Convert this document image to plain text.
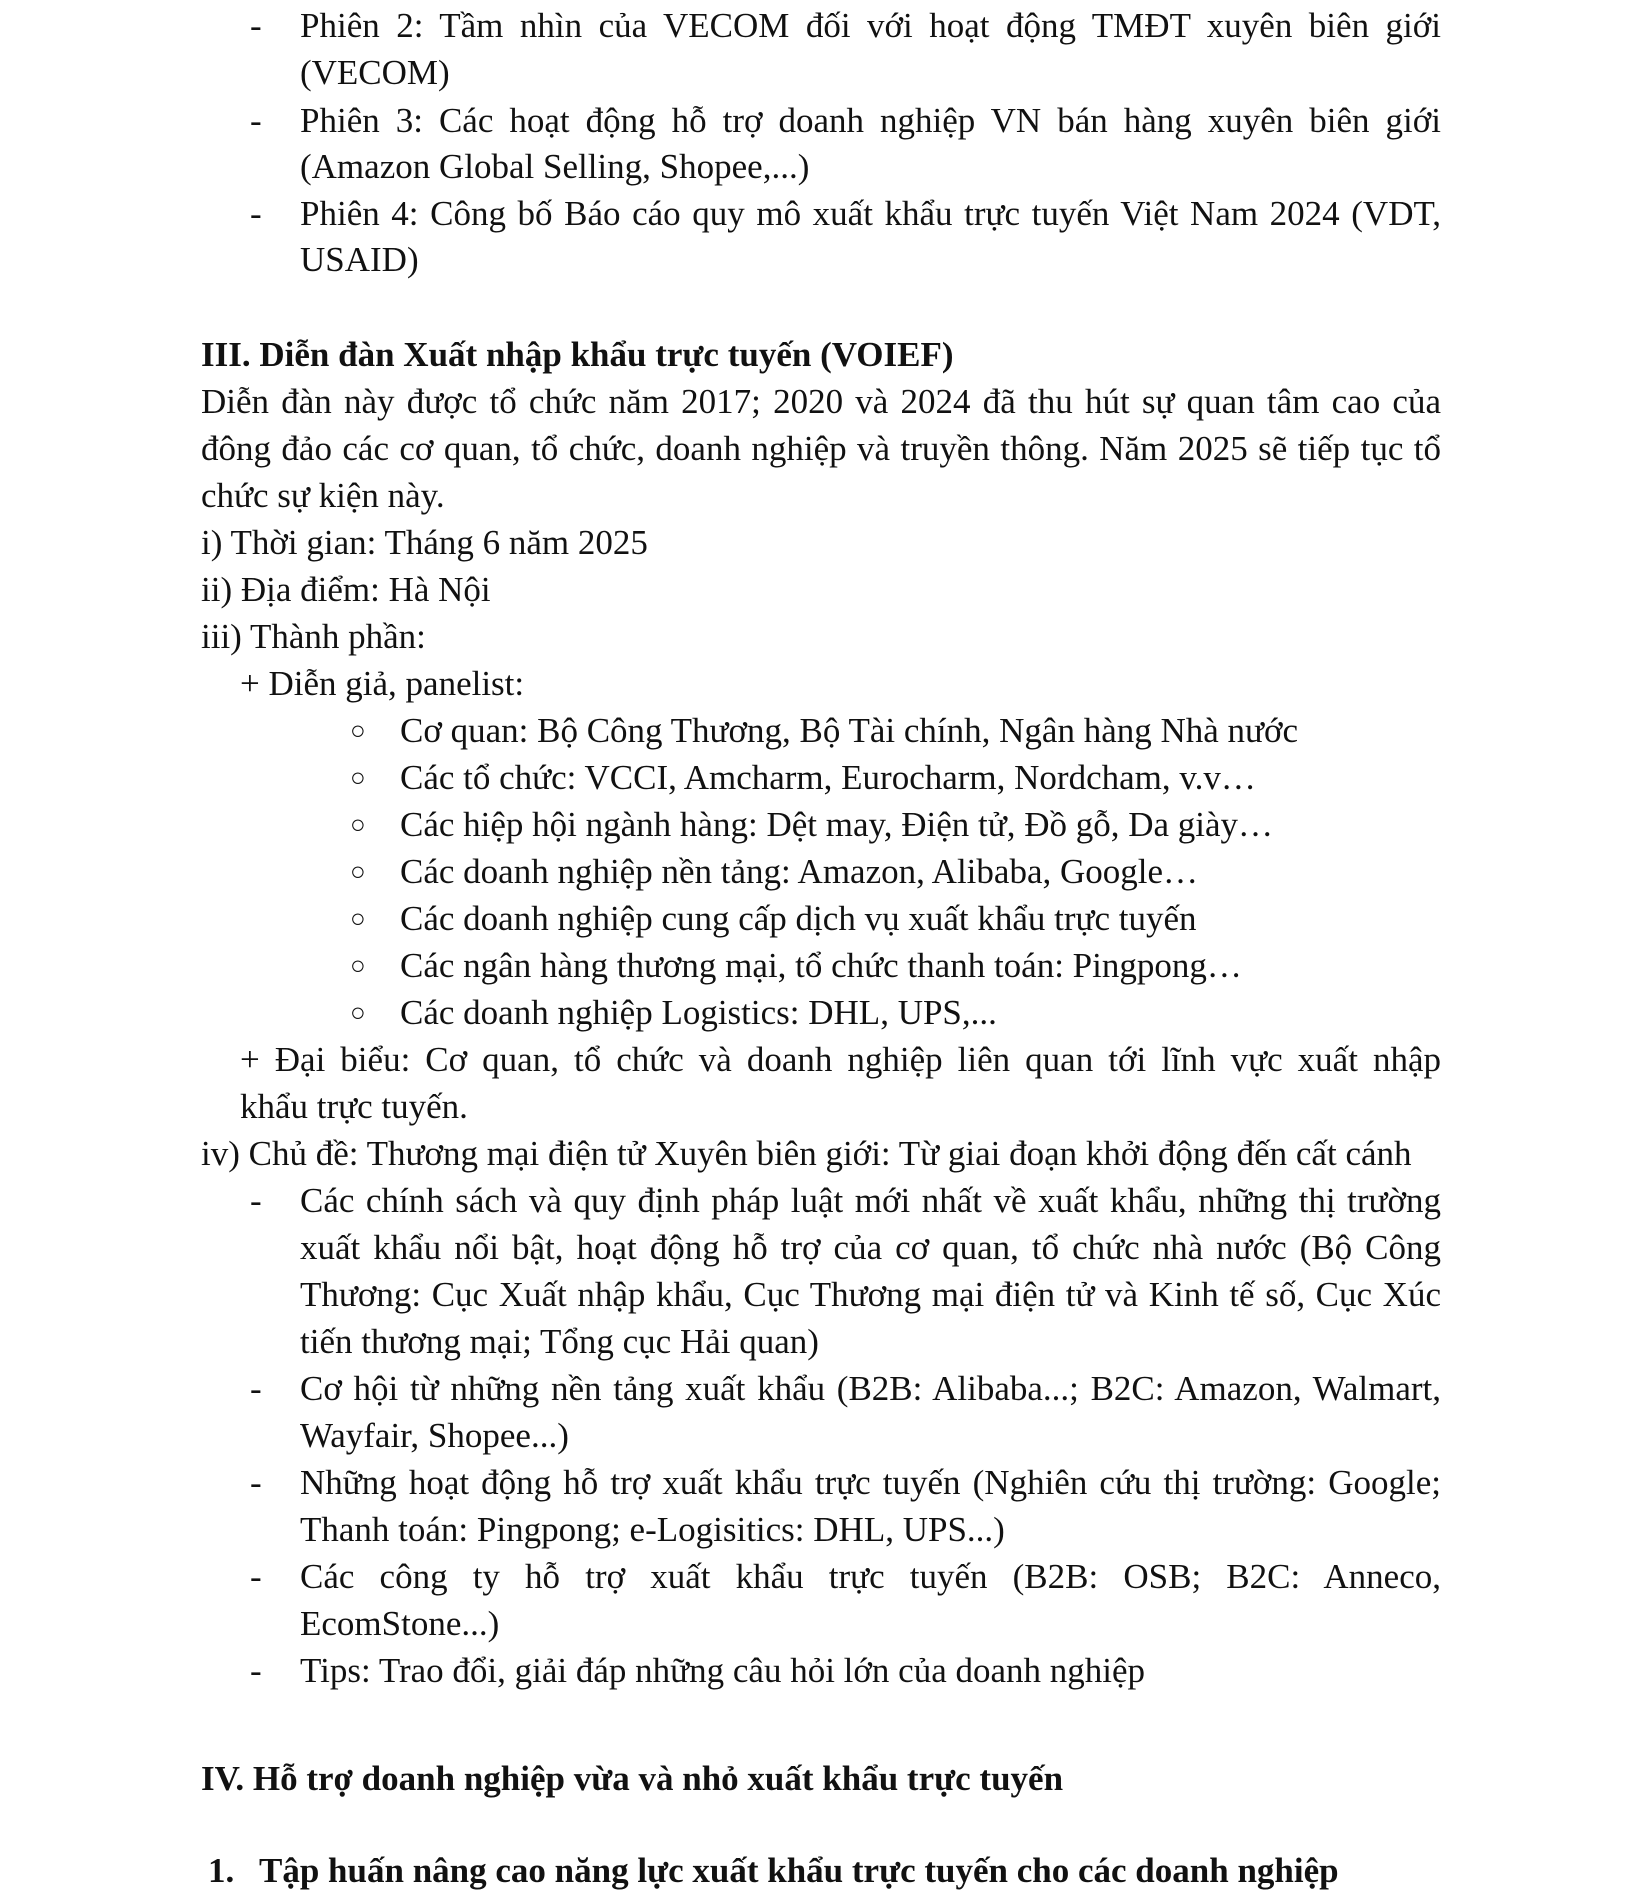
- Phiên 2: Tầm nhìn của VECOM đối với hoạt động TMĐT xuyên biên giới
(VECOM)
- Phiên 3: Các hoạt động hỗ trợ doanh nghiệp VN bán hàng xuyên biên giới
(Amazon Global Selling, Shopee,...)
- Phiên 4: Công bố Báo cáo quy mô xuất khẩu trực tuyến Việt Nam 2024 (VDT,
USAID)
III. Diễn đàn Xuất nhập khẩu trực tuyến (VOIEF)
Diễn đàn này được tổ chức năm 2017; 2020 và 2024 đã thu hút sự quan tâm cao của
đông đảo các cơ quan, tổ chức, doanh nghiệp và truyền thông. Năm 2025 sẽ tiếp tục tổ
chức sự kiện này.
i) Thời gian: Tháng 6 năm 2025
ii) Địa điểm: Hà Nội
iii) Thành phần:
+ Diễn giả, panelist:
○ Cơ quan: Bộ Công Thương, Bộ Tài chính, Ngân hàng Nhà nước
○ Các tổ chức: VCCI, Amcharm, Eurocharm, Nordcham, v.v…
○ Các hiệp hội ngành hàng: Dệt may, Điện tử, Đồ gỗ, Da giày…
○ Các doanh nghiệp nền tảng: Amazon, Alibaba, Google…
○ Các doanh nghiệp cung cấp dịch vụ xuất khẩu trực tuyến
○ Các ngân hàng thương mại, tổ chức thanh toán: Pingpong…
○ Các doanh nghiệp Logistics: DHL, UPS,...
+ Đại biểu: Cơ quan, tổ chức và doanh nghiệp liên quan tới lĩnh vực xuất nhập
khẩu trực tuyến.
iv) Chủ đề: Thương mại điện tử Xuyên biên giới: Từ giai đoạn khởi động đến cất cánh
- Các chính sách và quy định pháp luật mới nhất về xuất khẩu, những thị trường
xuất khẩu nổi bật, hoạt động hỗ trợ của cơ quan, tổ chức nhà nước (Bộ Công
Thương: Cục Xuất nhập khẩu, Cục Thương mại điện tử và Kinh tế số, Cục Xúc
tiến thương mại; Tổng cục Hải quan)
- Cơ hội từ những nền tảng xuất khẩu (B2B: Alibaba...; B2C: Amazon, Walmart,
Wayfair, Shopee...)
- Những hoạt động hỗ trợ xuất khẩu trực tuyến (Nghiên cứu thị trường: Google;
Thanh toán: Pingpong; e-Logisitics: DHL, UPS...)
- Các công ty hỗ trợ xuất khẩu trực tuyến (B2B: OSB; B2C: Anneco,
EcomStone...)
- Tips: Trao đổi, giải đáp những câu hỏi lớn của doanh nghiệp
IV. Hỗ trợ doanh nghiệp vừa và nhỏ xuất khẩu trực tuyến
1. Tập huấn nâng cao năng lực xuất khẩu trực tuyến cho các doanh nghiệp
